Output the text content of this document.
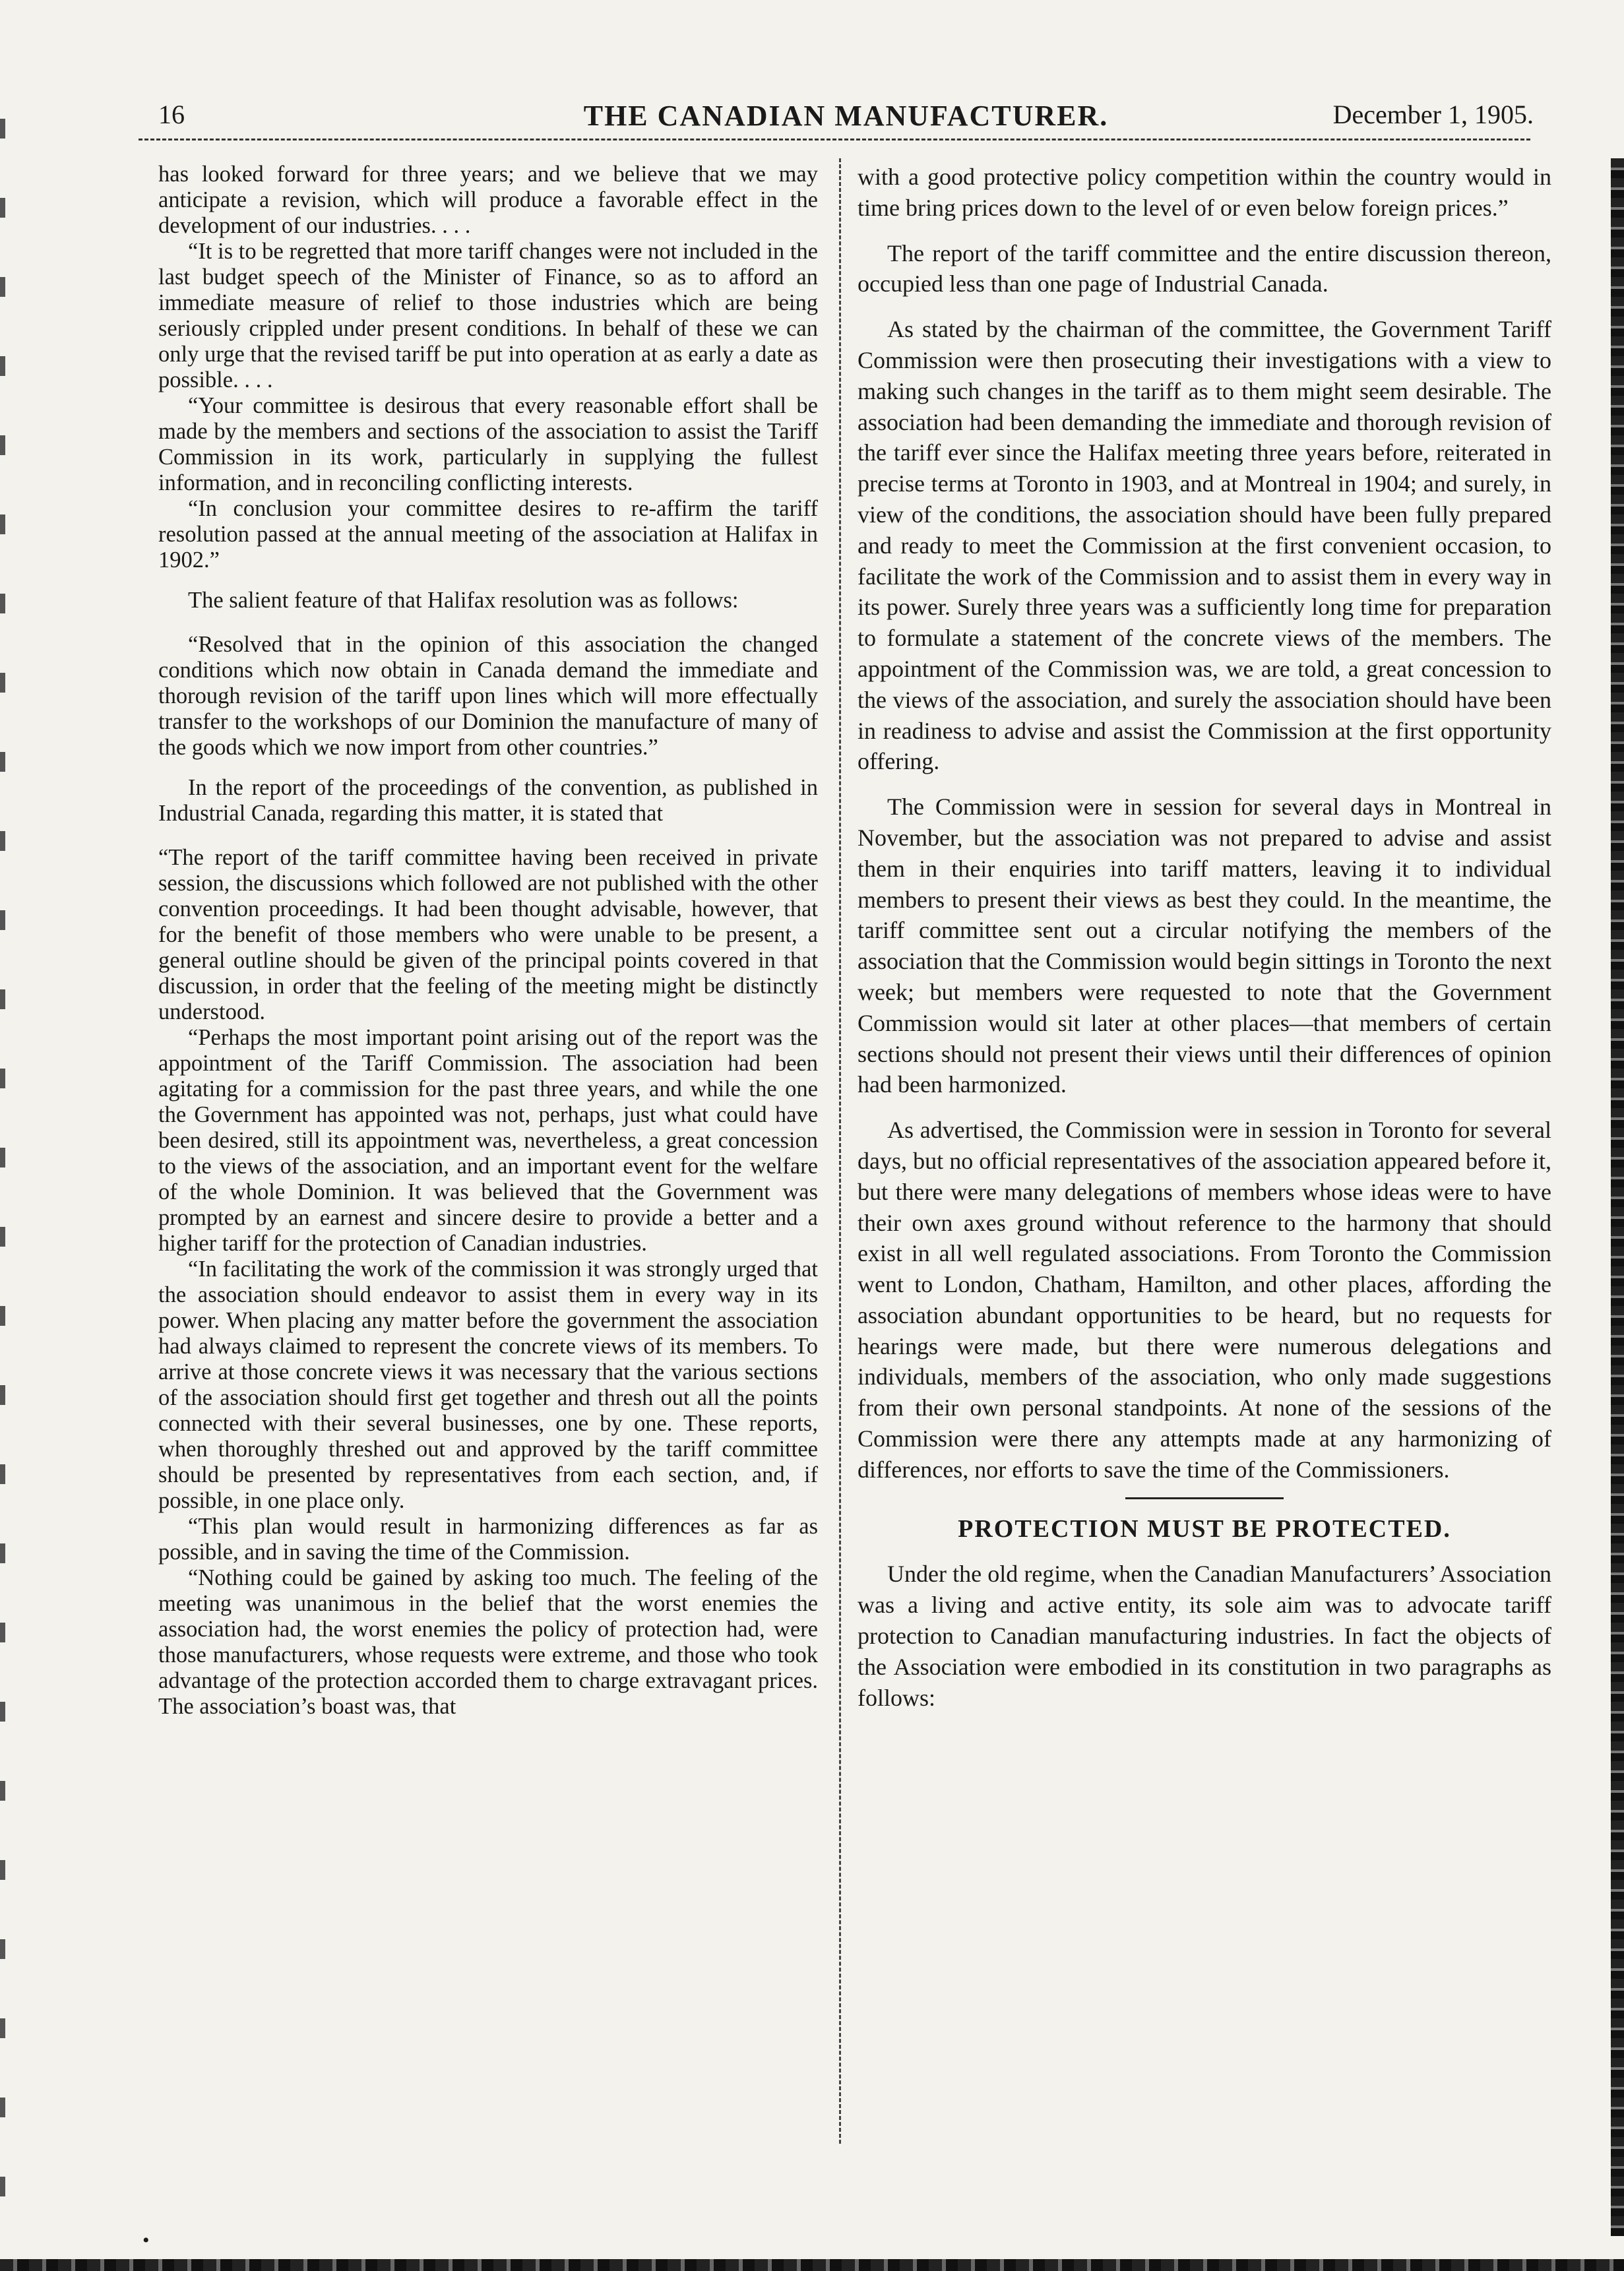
16	THE CANADIAN MANUFACTURER.	December 1, 1905.

has looked forward for three years; and we believe that we may anticipate a revision, which will produce a favorable effect in the development of our industries. . . .

“It is to be regretted that more tariff changes were not included in the last budget speech of the Minister of Finance, so as to afford an immediate measure of relief to those industries which are being seriously crippled under present conditions. In behalf of these we can only urge that the revised tariff be put into operation at as early a date as possible. . . .

“Your committee is desirous that every reasonable effort shall be made by the members and sections of the association to assist the Tariff Commission in its work, particularly in supplying the fullest information, and in reconciling conflicting interests.

“In conclusion your committee desires to re-affirm the tariff resolution passed at the annual meeting of the association at Halifax in 1902.”

The salient feature of that Halifax resolution was as follows:

“Resolved that in the opinion of this association the changed conditions which now obtain in Canada demand the immediate and thorough revision of the tariff upon lines which will more effectually transfer to the workshops of our Dominion the manufacture of many of the goods which we now import from other countries.”

In the report of the proceedings of the convention, as published in Industrial Canada, regarding this matter, it is stated that

“The report of the tariff committee having been received in private session, the discussions which followed are not published with the other convention proceedings. It had been thought advisable, however, that for the benefit of those members who were unable to be present, a general outline should be given of the principal points covered in that discussion, in order that the feeling of the meeting might be distinctly understood.

“Perhaps the most important point arising out of the report was the appointment of the Tariff Commission. The association had been agitating for a commission for the past three years, and while the one the Government has appointed was not, perhaps, just what could have been desired, still its appointment was, nevertheless, a great concession to the views of the association, and an important event for the welfare of the whole Dominion. It was believed that the Government was prompted by an earnest and sincere desire to provide a better and a higher tariff for the protection of Canadian industries.

“In facilitating the work of the commission it was strongly urged that the association should endeavor to assist them in every way in its power. When placing any matter before the government the association had always claimed to represent the concrete views of its members. To arrive at those concrete views it was necessary that the various sections of the association should first get together and thresh out all the points connected with their several businesses, one by one. These reports, when thoroughly threshed out and approved by the tariff committee should be presented by representatives from each section, and, if possible, in one place only.

“This plan would result in harmonizing differences as far as possible, and in saving the time of the Commission.

“Nothing could be gained by asking too much. The feeling of the meeting was unanimous in the belief that the worst enemies the association had, the worst enemies the policy of protection had, were those manufacturers, whose requests were extreme, and those who took advantage of the protection accorded them to charge extravagant prices. The association’s boast was, that

with a good protective policy competition within the country would in time bring prices down to the level of or even below foreign prices.”

The report of the tariff committee and the entire discussion thereon, occupied less than one page of Industrial Canada.

As stated by the chairman of the committee, the Government Tariff Commission were then prosecuting their investigations with a view to making such changes in the tariff as to them might seem desirable. The association had been demanding the immediate and thorough revision of the tariff ever since the Halifax meeting three years before, reiterated in precise terms at Toronto in 1903, and at Montreal in 1904; and surely, in view of the conditions, the association should have been fully prepared and ready to meet the Commission at the first convenient occasion, to facilitate the work of the Commission and to assist them in every way in its power. Surely three years was a sufficiently long time for preparation to formulate a statement of the concrete views of the members. The appointment of the Commission was, we are told, a great concession to the views of the association, and surely the association should have been in readiness to advise and assist the Commission at the first opportunity offering.

The Commission were in session for several days in Montreal in November, but the association was not prepared to advise and assist them in their enquiries into tariff matters, leaving it to individual members to present their views as best they could. In the meantime, the tariff committee sent out a circular notifying the members of the association that the Commission would begin sittings in Toronto the next week; but members were requested to note that the Government Commission would sit later at other places—that members of certain sections should not present their views until their differences of opinion had been harmonized.

As advertised, the Commission were in session in Toronto for several days, but no official representatives of the association appeared before it, but there were many delegations of members whose ideas were to have their own axes ground without reference to the harmony that should exist in all well regulated associations. From Toronto the Commission went to London, Chatham, Hamilton, and other places, affording the association abundant opportunities to be heard, but no requests for hearings were made, but there were numerous delegations and individuals, members of the association, who only made suggestions from their own personal standpoints. At none of the sessions of the Commission were there any attempts made at any harmonizing of differences, nor efforts to save the time of the Commissioners.

PROTECTION MUST BE PROTECTED.

Under the old regime, when the Canadian Manufacturers’ Association was a living and active entity, its sole aim was to advocate tariff protection to Canadian manufacturing industries. In fact the objects of the Association were embodied in its constitution in two paragraphs as follows:

•
